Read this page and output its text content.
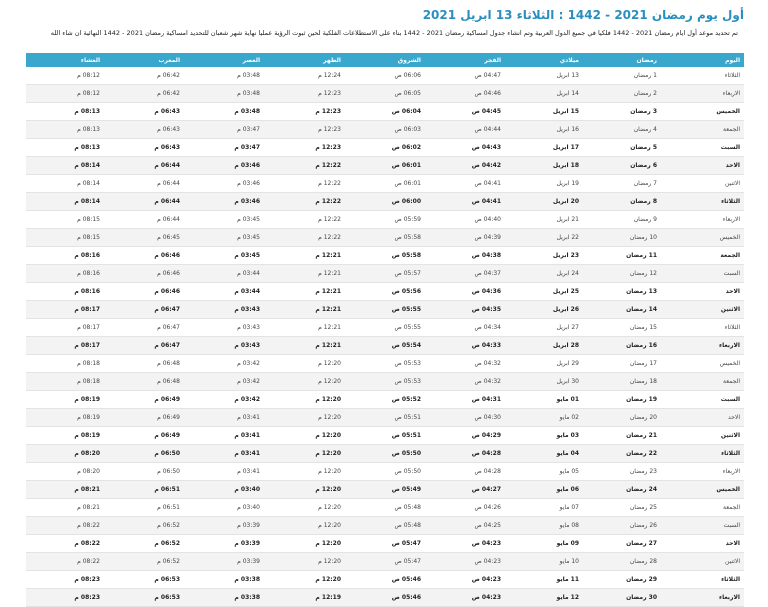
أول يوم رمضان 2021 - 1442 : الثلاثاء 13 ابريل 2021
تم تحديد موعد أول ايام رمضان 2021 - 1442 فلكيا في جميع الدول العربية وتم انشاء جدول امساكية رمضان 2021 - 1442 بناء على الاستطلاعات الفلكية لحين ثبوت الرؤية عمليا نهاية شهر شعبان للتحديد امساكية رمضان 2021 - 1442 النهائية ان شاء الله
اليوم	رمضان	ميلادي	الفجر	الشروق	الظهر	العصر	المغرب	العشاء
الثلاثاء	1 رمضان	13 ابريل	04:47 ص	06:06 ص	12:24 م	03:48 م	06:42 م	08:12 م
الاربعاء	2 رمضان	14 ابريل	04:46 ص	06:05 ص	12:23 م	03:48 م	06:42 م	08:12 م
الخميس	3 رمضان	15 ابريل	04:45 ص	06:04 ص	12:23 م	03:48 م	06:43 م	08:13 م
الجمعة	4 رمضان	16 ابريل	04:44 ص	06:03 ص	12:23 م	03:47 م	06:43 م	08:13 م
السبت	5 رمضان	17 ابريل	04:43 ص	06:02 ص	12:23 م	03:47 م	06:43 م	08:13 م
الاحد	6 رمضان	18 ابريل	04:42 ص	06:01 ص	12:22 م	03:46 م	06:44 م	08:14 م
الاثنين	7 رمضان	19 ابريل	04:41 ص	06:01 ص	12:22 م	03:46 م	06:44 م	08:14 م
الثلاثاء	8 رمضان	20 ابريل	04:41 ص	06:00 ص	12:22 م	03:46 م	06:44 م	08:14 م
الاربعاء	9 رمضان	21 ابريل	04:40 ص	05:59 ص	12:22 م	03:45 م	06:44 م	08:15 م
الخميس	10 رمضان	22 ابريل	04:39 ص	05:58 ص	12:22 م	03:45 م	06:45 م	08:15 م
الجمعة	11 رمضان	23 ابريل	04:38 ص	05:58 ص	12:21 م	03:45 م	06:46 م	08:16 م
السبت	12 رمضان	24 ابريل	04:37 ص	05:57 ص	12:21 م	03:44 م	06:46 م	08:16 م
الاحد	13 رمضان	25 ابريل	04:36 ص	05:56 ص	12:21 م	03:44 م	06:46 م	08:16 م
الاثنين	14 رمضان	26 ابريل	04:35 ص	05:55 ص	12:21 م	03:43 م	06:47 م	08:17 م
الثلاثاء	15 رمضان	27 ابريل	04:34 ص	05:55 ص	12:21 م	03:43 م	06:47 م	08:17 م
الاربعاء	16 رمضان	28 ابريل	04:33 ص	05:54 ص	12:21 م	03:43 م	06:47 م	08:17 م
الخميس	17 رمضان	29 ابريل	04:32 ص	05:53 ص	12:20 م	03:42 م	06:48 م	08:18 م
الجمعة	18 رمضان	30 ابريل	04:32 ص	05:53 ص	12:20 م	03:42 م	06:48 م	08:18 م
السبت	19 رمضان	01 مايو	04:31 ص	05:52 ص	12:20 م	03:42 م	06:49 م	08:19 م
الاحد	20 رمضان	02 مايو	04:30 ص	05:51 ص	12:20 م	03:41 م	06:49 م	08:19 م
الاثنين	21 رمضان	03 مايو	04:29 ص	05:51 ص	12:20 م	03:41 م	06:49 م	08:19 م
الثلاثاء	22 رمضان	04 مايو	04:28 ص	05:50 ص	12:20 م	03:41 م	06:50 م	08:20 م
الاربعاء	23 رمضان	05 مايو	04:28 ص	05:50 ص	12:20 م	03:41 م	06:50 م	08:20 م
الخميس	24 رمضان	06 مايو	04:27 ص	05:49 ص	12:20 م	03:40 م	06:51 م	08:21 م
الجمعة	25 رمضان	07 مايو	04:26 ص	05:48 ص	12:20 م	03:40 م	06:51 م	08:21 م
السبت	26 رمضان	08 مايو	04:25 ص	05:48 ص	12:20 م	03:39 م	06:52 م	08:22 م
الاحد	27 رمضان	09 مايو	04:23 ص	05:47 ص	12:20 م	03:39 م	06:52 م	08:22 م
الاثنين	28 رمضان	10 مايو	04:23 ص	05:47 ص	12:20 م	03:39 م	06:52 م	08:22 م
الثلاثاء	29 رمضان	11 مايو	04:23 ص	05:46 ص	12:20 م	03:38 م	06:53 م	08:23 م
الاربعاء	30 رمضان	12 مايو	04:23 ص	05:46 ص	12:19 م	03:38 م	06:53 م	08:23 م
